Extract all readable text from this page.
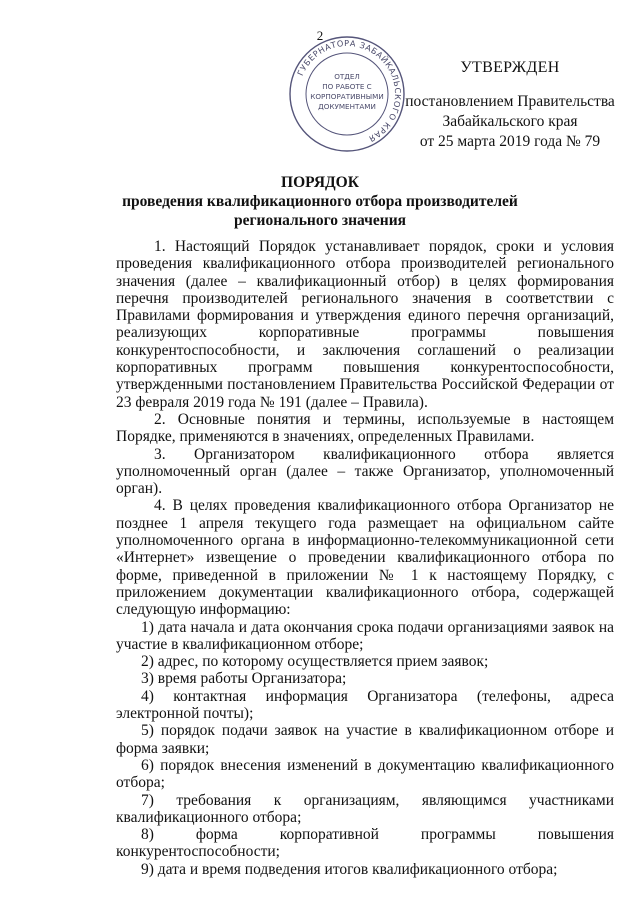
2
ГУБЕРНАТОРА ЗАБАЙКАЛЬСКОГО КРАЯ
ОТДЕЛ
ПО РАБОТЕ С
КОРПОРАТИВНЫМИ
ДОКУМЕНТАМИ
УТВЕРЖДЕН
постановлением Правительства
Забайкальского края
от 25 марта 2019 года № 79
ПОРЯДОК
проведения квалификационного отбора производителей
регионального значения

1. Настоящий Порядок устанавливает порядок, сроки и условия проведения квалификационного отбора производителей регионального значения (далее – квалификационный отбор) в целях формирования перечня производителей регионального значения в соответствии с Правилами формирования и утверждения единого перечня организаций, реализующих корпоративные программы повышения конкурентоспособности, и заключения соглашений о реализации корпоративных программ повышения конкурентоспособности, утвержденными постановлением Правительства Российской Федерации от 23 февраля 2019 года № 191 (далее – Правила).

2. Основные понятия и термины, используемые в настоящем Порядке, применяются в значениях, определенных Правилами.

3. Организатором квалификационного отбора является уполномоченный орган (далее – также Организатор, уполномоченный орган).

4. В целях проведения квалификационного отбора Организатор не позднее 1 апреля текущего года размещает на официальном сайте уполномоченного органа в информационно-телекоммуникационной сети «Интернет» извещение о проведении квалификационного отбора по форме, приведенной в приложении № 1 к настоящему Порядку, с приложением документации квалификационного отбора, содержащей следующую информацию:

1) дата начала и дата окончания срока подачи организациями заявок на участие в квалификационном отборе;

2) адрес, по которому осуществляется прием заявок;

3) время работы Организатора;

4) контактная информация Организатора (телефоны, адреса электронной почты);

5) порядок подачи заявок на участие в квалификационном отборе и форма заявки;

6) порядок внесения изменений в документацию квалификационного отбора;

7) требования к организациям, являющимся участниками квалификационного отбора;

8) форма корпоративной программы повышения конкурентоспособности;

9) дата и время подведения итогов квалификационного отбора;
